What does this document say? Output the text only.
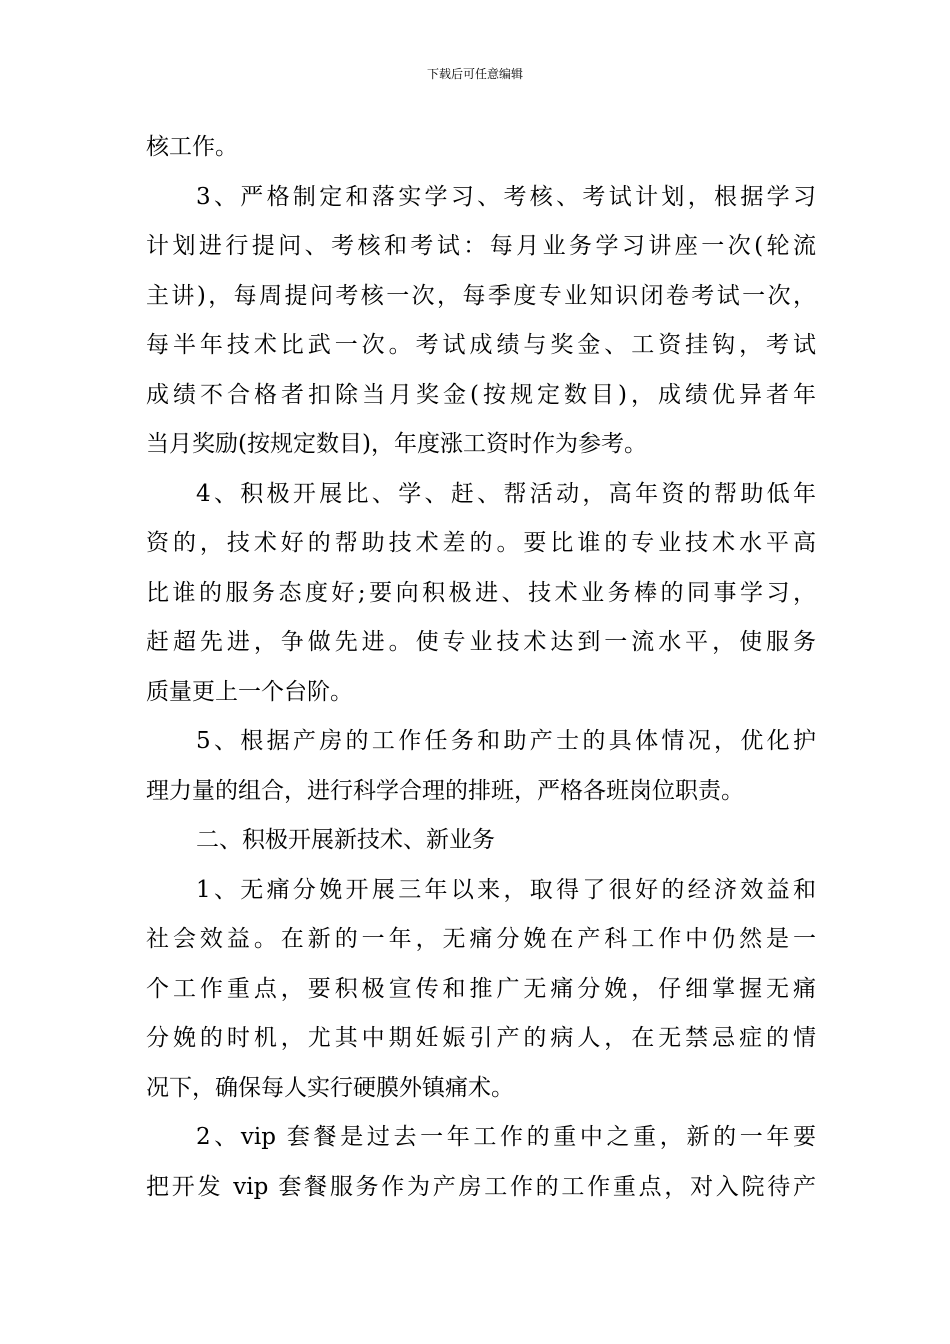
下载后可任意编辑
核工作。
3、严格制定和落实学习、考核、考试计划，根据学习
计划进行提问、考核和考试：每月业务学习讲座一次(轮流
主讲)，每周提问考核一次，每季度专业知识闭卷考试一次，
每半年技术比武一次。考试成绩与奖金、工资挂钩，考试
成绩不合格者扣除当月奖金(按规定数目)，成绩优异者年
当月奖励(按规定数目)，年度涨工资时作为参考。
4、积极开展比、学、赶、帮活动，高年资的帮助低年
资的，技术好的帮助技术差的。要比谁的专业技术水平高
比谁的服务态度好;要向积极进、技术业务棒的同事学习，
赶超先进，争做先进。使专业技术达到一流水平，使服务
质量更上一个台阶。
5、根据产房的工作任务和助产士的具体情况，优化护
理力量的组合，进行科学合理的排班，严格各班岗位职责。
二、积极开展新技术、新业务
1、无痛分娩开展三年以来，取得了很好的经济效益和
社会效益。在新的一年，无痛分娩在产科工作中仍然是一
个工作重点，要积极宣传和推广无痛分娩，仔细掌握无痛
分娩的时机，尤其中期妊娠引产的病人，在无禁忌症的情
况下，确保每人实行硬膜外镇痛术。
2、vip 套餐是过去一年工作的重中之重，新的一年要
把开发 vip 套餐服务作为产房工作的工作重点，对入院待产
